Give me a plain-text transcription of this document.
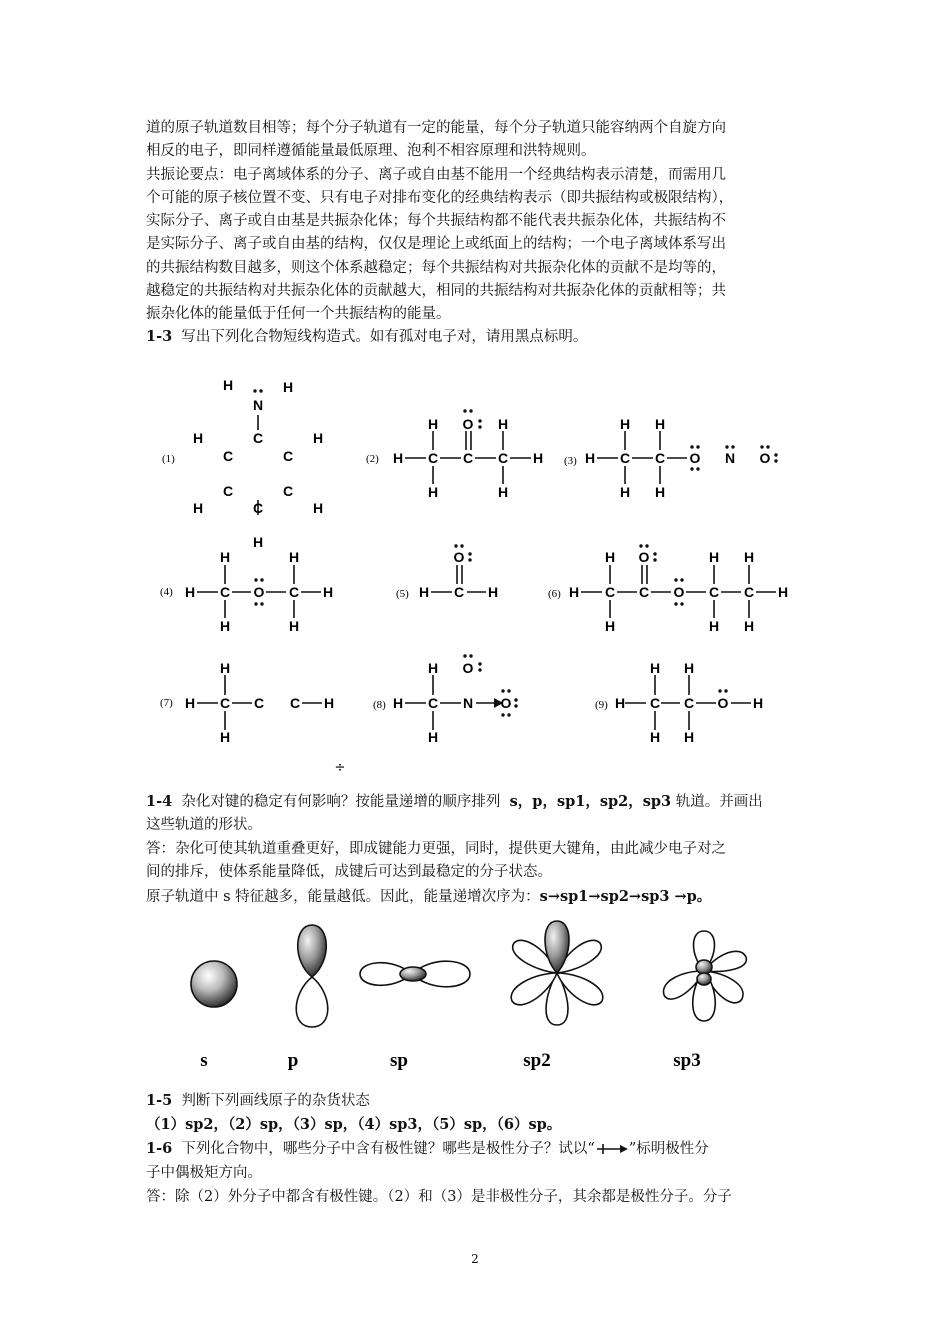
道的原子轨道数目相等；每个分子轨道有一定的能量，每个分子轨道只能容纳两个自旋方向

相反的电子，即同样遵循能量最低原理、泡利不相容原理和洪特规则。

共振论要点：电子离域体系的分子、离子或自由基不能用一个经典结构表示清楚，而需用几

个可能的原子核位置不变、只有电子对排布变化的经典结构表示（即共振结构或极限结构），

实际分子、离子或自由基是共振杂化体；每个共振结构都不能代表共振杂化体，共振结构不

是实际分子、离子或自由基的结构，仅仅是理论上或纸面上的结构；一个电子离域体系写出

的共振结构数目越多，则这个体系越稳定；每个共振结构对共振杂化体的贡献不是均等的，

越稳定的共振结构对共振杂化体的贡献越大，相同的共振结构对共振杂化体的贡献相等；共

振杂化体的能量低于任何一个共振结构的能量。

1-3 写出下列化合物短线构造式。如有孤对电子对，请用黑点标明。

(1)	(2)	(3)
(4)	(5)	(6)
(7)	(8)	(9)
÷
H	H
N
H	C	H
C	C
C	C
H	C	H
H
H O H
H C C C H
H	H
H H
H C C O N O
H H
H	H
H C O C H
H	H
O
H C H
H O	H H
H C C O C C H
H	H H
H
H C C C H
H
H O
H C N O
H
H H
H C C O H
H H

1-4 杂化对键的稳定有何影响？按能量递增的顺序排列 s，p，sp1，sp2，sp3 轨道。并画出

这些轨道的形状。

答：杂化可使其轨道重叠更好，即成键能力更强，同时，提供更大键角，由此减少电子对之

间的排斥，使体系能量降低，成键后可达到最稳定的分子状态。

原子轨道中 s 特征越多，能量越低。因此，能量递增次序为：s→sp1→sp2→sp3 →p。

s	p	sp	sp2	sp3

1-5 判断下列画线原子的杂货状态

（1）sp2，（2）sp，（3）sp，（4）sp3，（5）sp，（6）sp。

1-6 下列化合物中，哪些分子中含有极性键？哪些是极性分子？试以“ ”标明极性分

子中偶极矩方向。

答：除（2）外分子中都含有极性键。（2）和（3）是非极性分子，其余都是极性分子。分子

2
